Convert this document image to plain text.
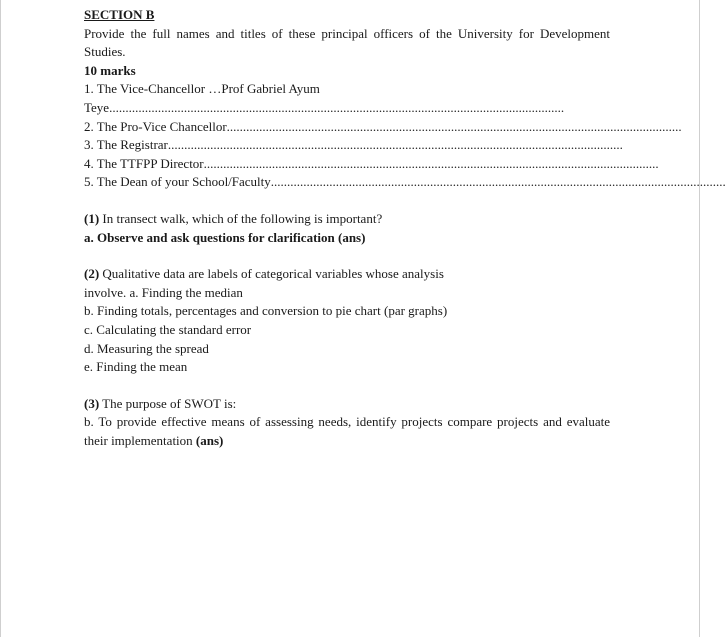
SECTION B

Provide the full names and titles of these principal officers of the University for Development Studies.

10 marks

1. The Vice-Chancellor …Prof Gabriel Ayum

Teye ............................................................................................................................................
2. The Pro-Vice Chancellor ............................................................................................................................................
3. The Registrar ............................................................................................................................................
4. The TTFPP Director ............................................................................................................................................
5. The Dean of your School/Faculty ............................................................................................................................................

(1) In transect walk, which of the following is important?

a. Observe and ask questions for clarification (ans)

(2) Qualitative data are labels of categorical variables whose analysis

involve. a. Finding the median

b. Finding totals, percentages and conversion to pie chart (par graphs)

c. Calculating the standard error

d. Measuring the spread

e. Finding the mean

(3) The purpose of SWOT is:

b. To provide effective means of assessing needs, identify projects compare projects and evaluate their implementation (ans)
